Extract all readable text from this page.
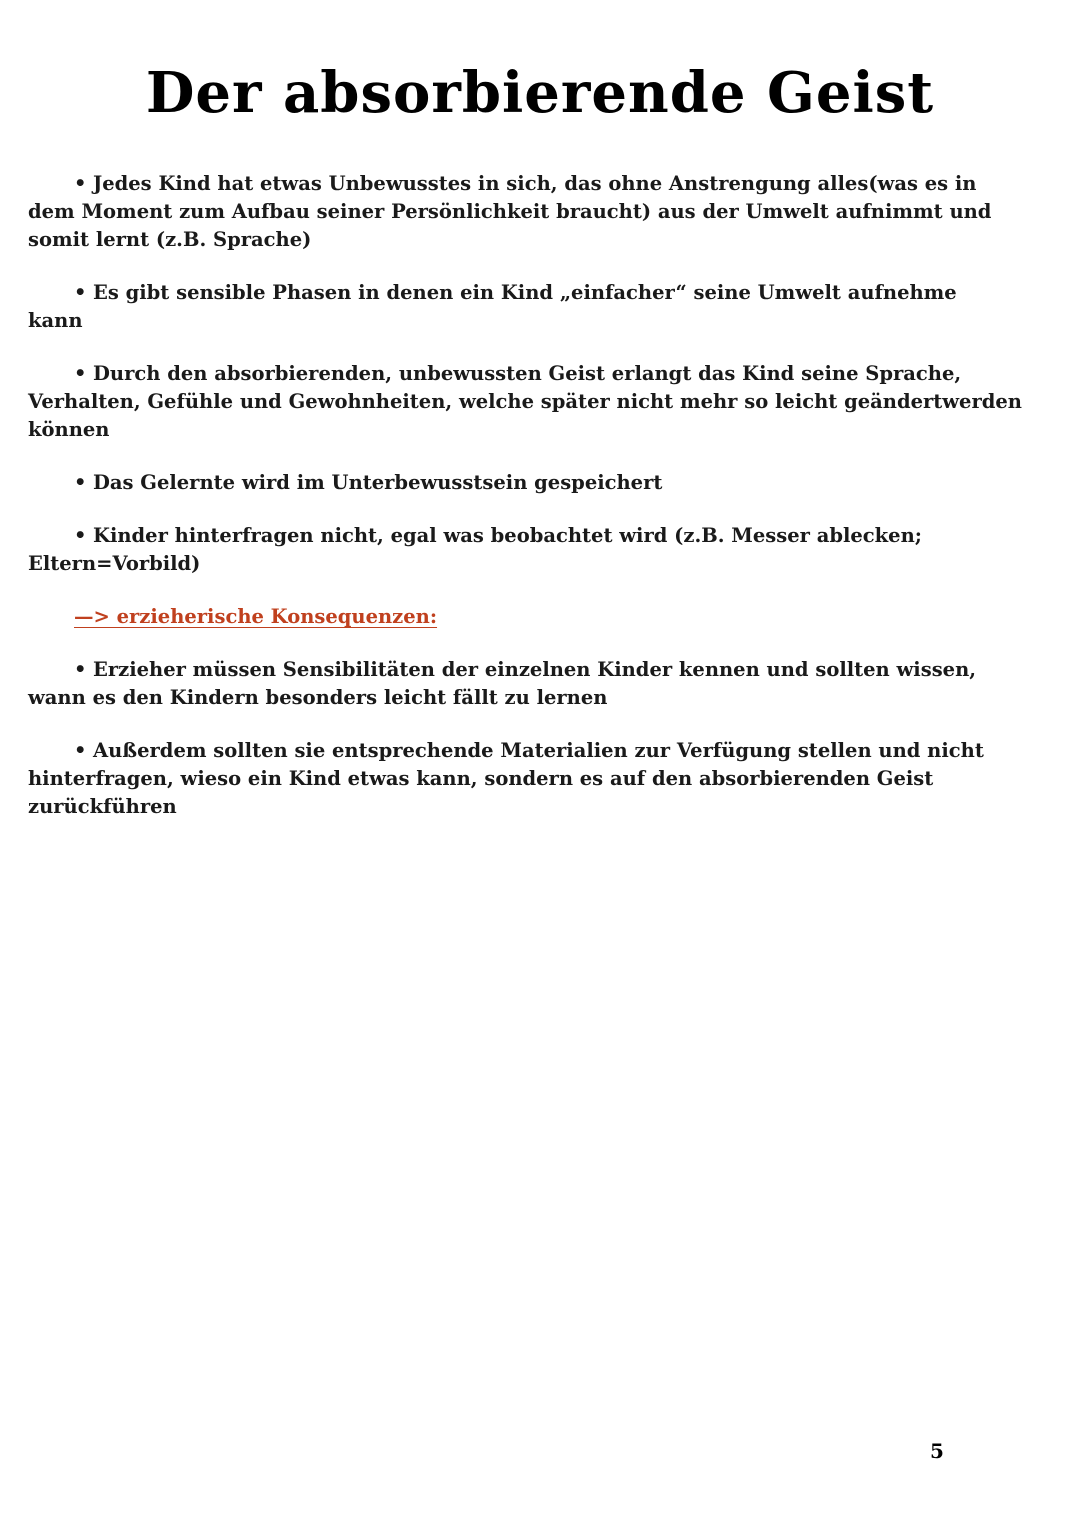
Der absorbierende Geist
• Jedes Kind hat etwas Unbewusstes in sich, das ohne Anstrengung alles(was es in
dem Moment zum Aufbau seiner Persönlichkeit braucht) aus der Umwelt aufnimmt und somit lernt (z.B. Sprache)
• Es gibt sensible Phasen in denen ein Kind „einfacher“ seine Umwelt aufnehme
kann
• Durch den absorbierenden, unbewussten Geist erlangt das Kind seine Sprache,
Verhalten, Gefühle und Gewohnheiten, welche später nicht mehr so leicht geändertwerden können
• Das Gelernte wird im Unterbewusstsein gespeichert
• Kinder hinterfragen nicht, egal was beobachtet wird (z.B. Messer ablecken;
Eltern=Vorbild)
—> erzieherische Konsequenzen:
• Erzieher müssen Sensibilitäten der einzelnen Kinder kennen und sollten wissen,
wann es den Kindern besonders leicht fällt zu lernen
• Außerdem sollten sie entsprechende Materialien zur Verfügung stellen und nicht
hinterfragen, wieso ein Kind etwas kann, sondern es auf den absorbierenden Geist zurückführen
5
